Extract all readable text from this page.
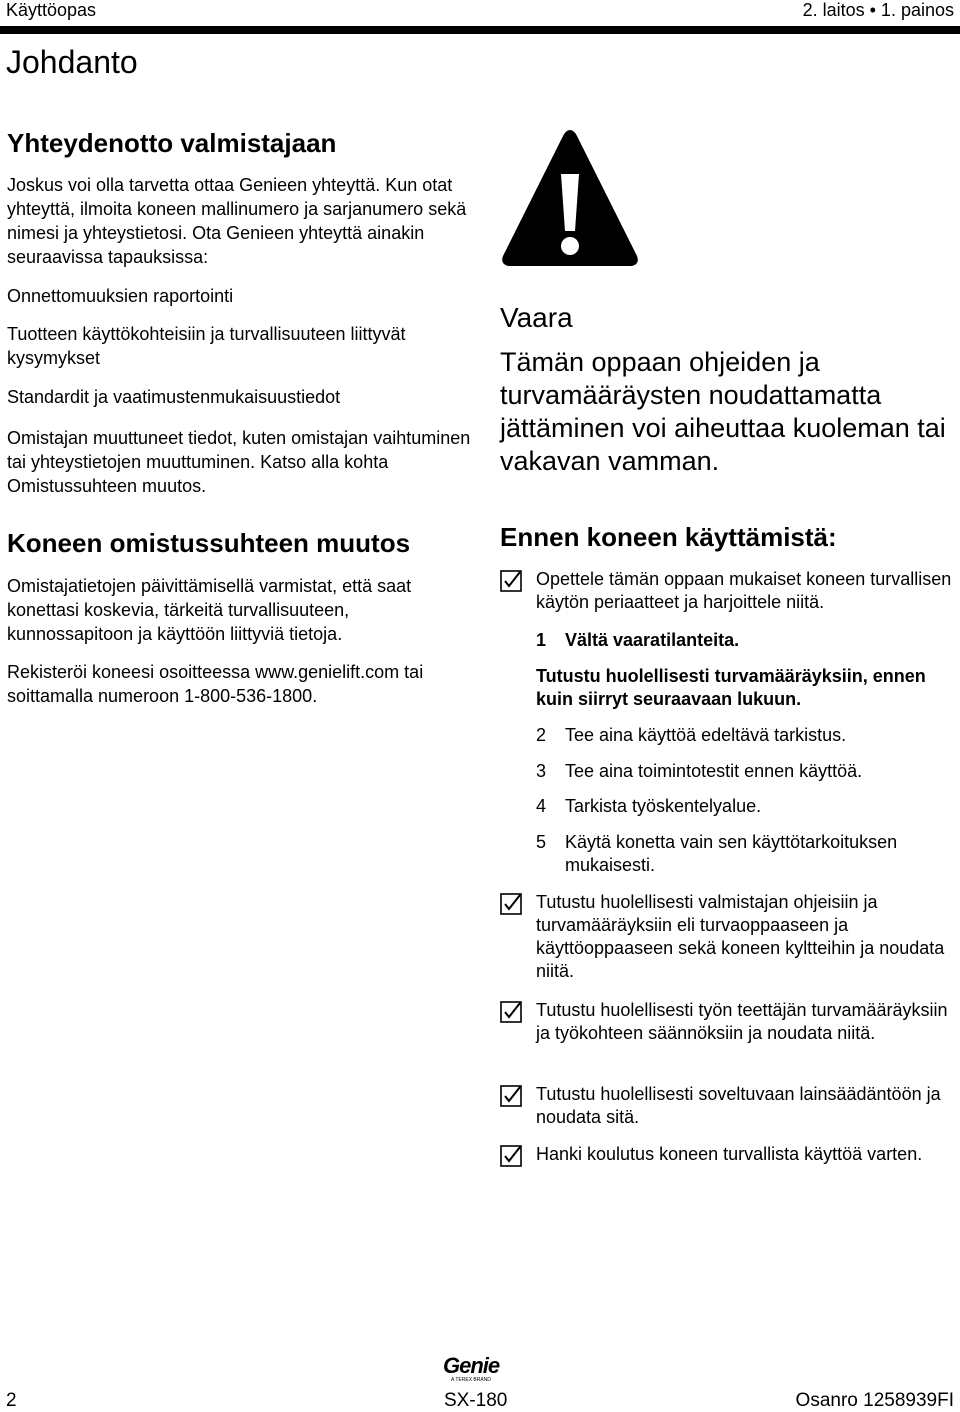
Käyttöopas	2. laitos • 1. painos
Johdanto
Yhteydenotto valmistajaan

Joskus voi olla tarvetta ottaa Genieen yhteyttä. Kun otat yhteyttä, ilmoita koneen mallinumero ja sarjanumero sekä nimesi ja yhteystietosi. Ota Genieen yhteyttä ainakin seuraavissa tapauksissa:

Onnettomuuksien raportointi

Tuotteen käyttökohteisiin ja turvallisuuteen liittyvät kysymykset

Standardit ja vaatimustenmukaisuustiedot

Omistajan muuttuneet tiedot, kuten omistajan vaihtuminen tai yhteystietojen muuttuminen. Katso alla kohta Omistussuhteen muutos.

Koneen omistussuhteen muutos

Omistajatietojen päivittämisellä varmistat, että saat konettasi koskevia, tärkeitä turvallisuuteen, kunnossapitoon ja käyttöön liittyviä tietoja.

Rekisteröi koneesi osoitteessa www.genielift.com tai soittamalla numeroon 1-800-536-1800.

Vaara

Tämän oppaan ohjeiden ja turvamääräysten noudattamatta jättäminen voi aiheuttaa kuoleman tai vakavan vamman.

Ennen koneen käyttämistä:

Opettele tämän oppaan mukaiset koneen turvallisen käytön periaatteet ja harjoittele niitä.

1 Vältä vaaratilanteita.

Tutustu huolellisesti turvamääräyksiin, ennen kuin siirryt seuraavaan lukuun.

2 Tee aina käyttöä edeltävä tarkistus.

3 Tee aina toimintotestit ennen käyttöä.

4 Tarkista työskentelyalue.

5 Käytä konetta vain sen käyttötarkoituksen mukaisesti.

Tutustu huolellisesti valmistajan ohjeisiin ja turvamääräyksiin eli turvaoppaaseen ja käyttöoppaaseen sekä koneen kyltteihin ja noudata niitä.

Tutustu huolellisesti työn teettäjän turvamääräyksiin ja työkohteen säännöksiin ja noudata niitä.

Tutustu huolellisesti soveltuvaan lainsäädäntöön ja noudata sitä.

Hanki koulutus koneen turvallista käyttöä varten.

Genie
A TEREX BRAND
2	SX-180	Osanro 1258939FI
